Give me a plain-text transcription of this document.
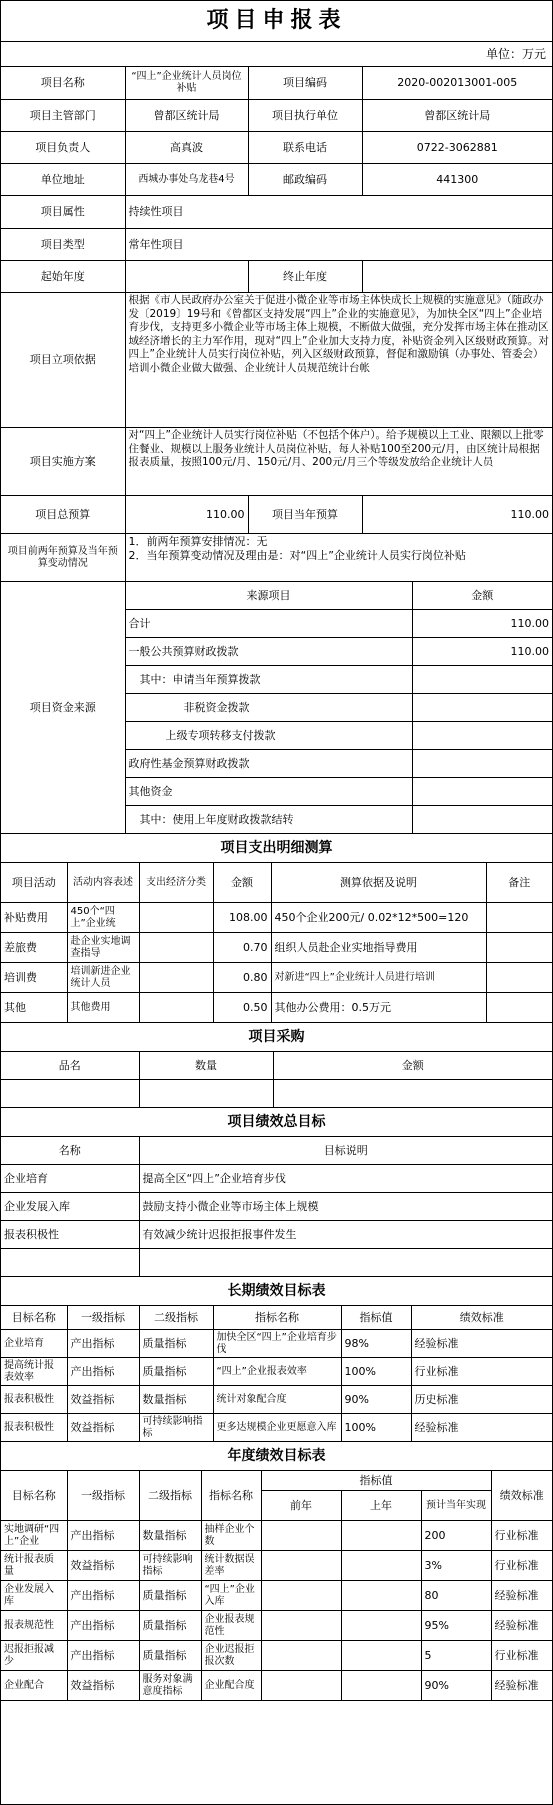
项目申报表
单位：万元
项目名称	“四上”企业统计人员岗位补贴	项目编码	2020-002013001-005
项目主管部门	曾都区统计局	项目执行单位	曾都区统计局
项目负责人	高真波	联系电话	0722-3062881
单位地址	西城办事处乌龙巷4号	邮政编码	441300
项目属性	持续性项目		
项目类型	常年性项目		
起始年度		终止年度	
项目立项依据	根据《市人民政府办公室关于促进小微企业等市场主体快成长上规模的实施意见》（随政办发〔2019〕19号和《曾都区支持发展“四上”企业的实施意见》，为加快全区“四上”企业培育步伐，支持更多小微企业等市场主体上规模，不断做大做强，充分发挥市场主体在推动区域经济增长的主力军作用，现对“四上”企业加大支持力度，补贴资金列入区级财政预算。对四上”企业统计人员实行岗位补贴，列入区级财政预算，督促和激励镇（办事处、管委会）培训小微企业做大做强、企业统计人员规范统计台帐		
项目实施方案	对“四上”企业统计人员实行岗位补贴（不包括个体户）。给予规模以上工业、限额以上批零住餐业、规模以上服务业统计人员岗位补贴，每人补贴100至200元/月，由区统计局根据报表质量，按照100元/月、150元/月、200元/月三个等级发放给企业统计人员		
项目总预算	110.00	项目当年预算	110.00
项目前两年预算及当年预算变动情况	1．前两年预算安排情况：无
2．当年预算变动情况及理由是：对“四上”企业统计人员实行岗位补贴		
项目资金来源	来源项目	金额
	合计	110.00
	一般公共预算财政拨款	110.00
	其中：申请当年预算拨款	
	非税资金拨款	
	上级专项转移支付拨款	
	政府性基金预算财政拨款	
	其他资金	
	其中：使用上年度财政拨款结转	
项目支出明细测算
项目活动	活动内容表述	支出经济分类	金额	测算依据及说明	备注
补贴费用	450个“四上”企业统		108.00	450个企业200元/ 0.02*12*500=120	
差旅费	赴企业实地调查指导		0.70	组织人员赴企业实地指导费用	
培训费	培训新进企业统计人员		0.80	对新进“四上”企业统计人员进行培训	
其他	其他费用		0.50	其他办公费用：0.5万元	
项目采购
品名	数量	金额

项目绩效总目标
名称	目标说明
企业培育	提高全区“四上”企业培育步伐
企业发展入库	鼓励支持小微企业等市场主体上规模
报表积极性	有效减少统计迟报拒报事件发生

长期绩效目标表
目标名称	一级指标	二级指标	指标名称	指标值	绩效标准
企业培育	产出指标	质量指标	加快全区“四上”企业培育步伐	98%	经验标准
提高统计报表效率	产出指标	质量指标	“四上”企业报表效率	100%	行业标准
报表积极性	效益指标	数量指标	统计对象配合度	90%	历史标准
报表积极性	效益指标	可持续影响指标	更多达规模企业更愿意入库	100%	经验标准
年度绩效目标表
目标名称	一级指标	二级指标	指标名称	指标值			绩效标准
				前年	上年	预计当年实现	
实地调研“四上”企业	产出指标	数量指标	抽样企业个数			200	行业标准
统计报表质量	效益指标	可持续影响指标	统计数据误差率			3%	行业标准
企业发展入库	产出指标	质量指标	“四上”企业入库			80	经验标准
报表规范性	产出指标	质量指标	企业报表规范性			95%	经验标准
迟报拒报减少	产出指标	质量指标	企业迟报拒报次数			5	行业标准
企业配合	效益指标	服务对象满意度指标	企业配合度			90%	经验标准
